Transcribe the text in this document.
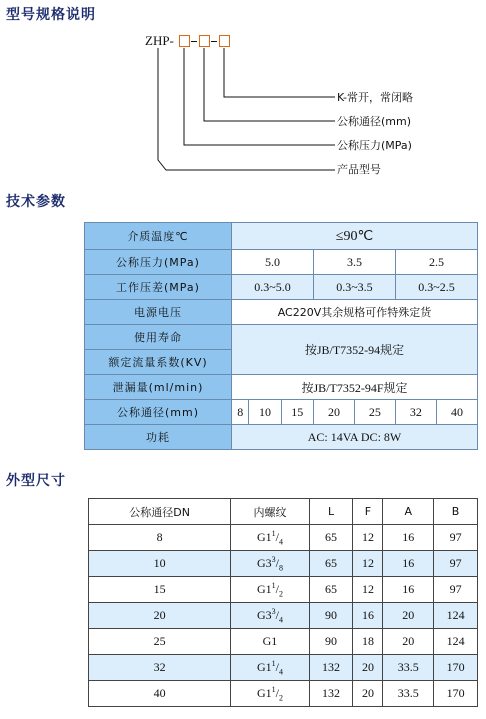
型号规格说明
ZHP-
K-常开，常闭略
公称通径(mm)
公称压力(MPa)
产品型号
技术参数
介质温度℃	≤90℃						
公称压力(MPa)	5.0			3.5		2.5	
工作压差(MPa)	0.3~5.0			0.3~3.5		0.3~2.5	
电源电压	AC220V其余规格可作特殊定货						
使用寿命	按JB/T7352-94规定						
额定流量系数(KV)							
泄漏量(ml/min)	按JB/T7352-94F规定						
公称通径(mm)	8	10	15	20	25	32	40
功耗	AC: 14VA DC: 8W						
外型尺寸
公称通径DN	内螺纹	L	F	A	B
8	$G1^1/_4$	65	12	16	97
10	$G3^3/_8$	65	12	16	97
15	$G1^1/_2$	65	12	16	97
20	$G3^3/_4$	90	16	20	124
25	G1	90	18	20	124
32	$G1^1/_4$	132	20	33.5	170
40	$G1^1/_2$	132	20	33.5	170
